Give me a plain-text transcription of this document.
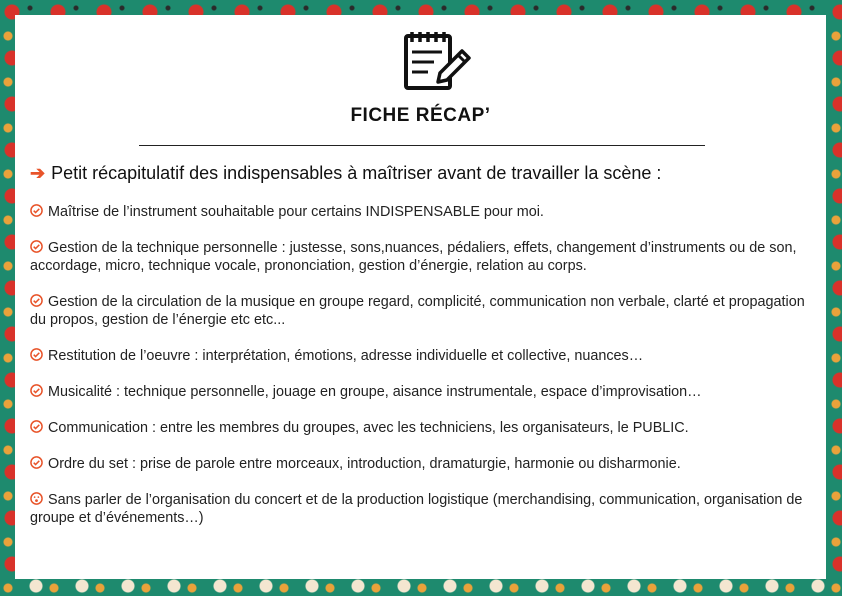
FICHE RÉCAP’
➔ Petit récapitulatif des indispensables à maîtriser avant de travailler la scène :
Maîtrise de l’instrument souhaitable pour certains INDISPENSABLE pour moi.
Gestion de la technique personnelle : justesse, sons,nuances, pédaliers, effets, changement d’instruments ou de son, accordage, micro, technique vocale, prononciation, gestion d’énergie, relation au corps.
Gestion de la circulation de la musique en groupe regard, complicité, communication non verbale, clarté et propagation du propos, gestion de l’énergie etc etc...
Restitution de l’oeuvre : interprétation, émotions, adresse individuelle et collective, nuances…
Musicalité : technique personnelle, jouage en groupe, aisance instrumentale, espace d’improvisation…
Communication : entre les membres du groupes, avec les techniciens, les organisateurs, le PUBLIC.
Ordre du set : prise de parole entre morceaux, introduction, dramaturgie, harmonie ou disharmonie.
Sans parler de l’organisation du concert et de la production logistique (merchandising, communication, organisation de groupe et d’événements…)
